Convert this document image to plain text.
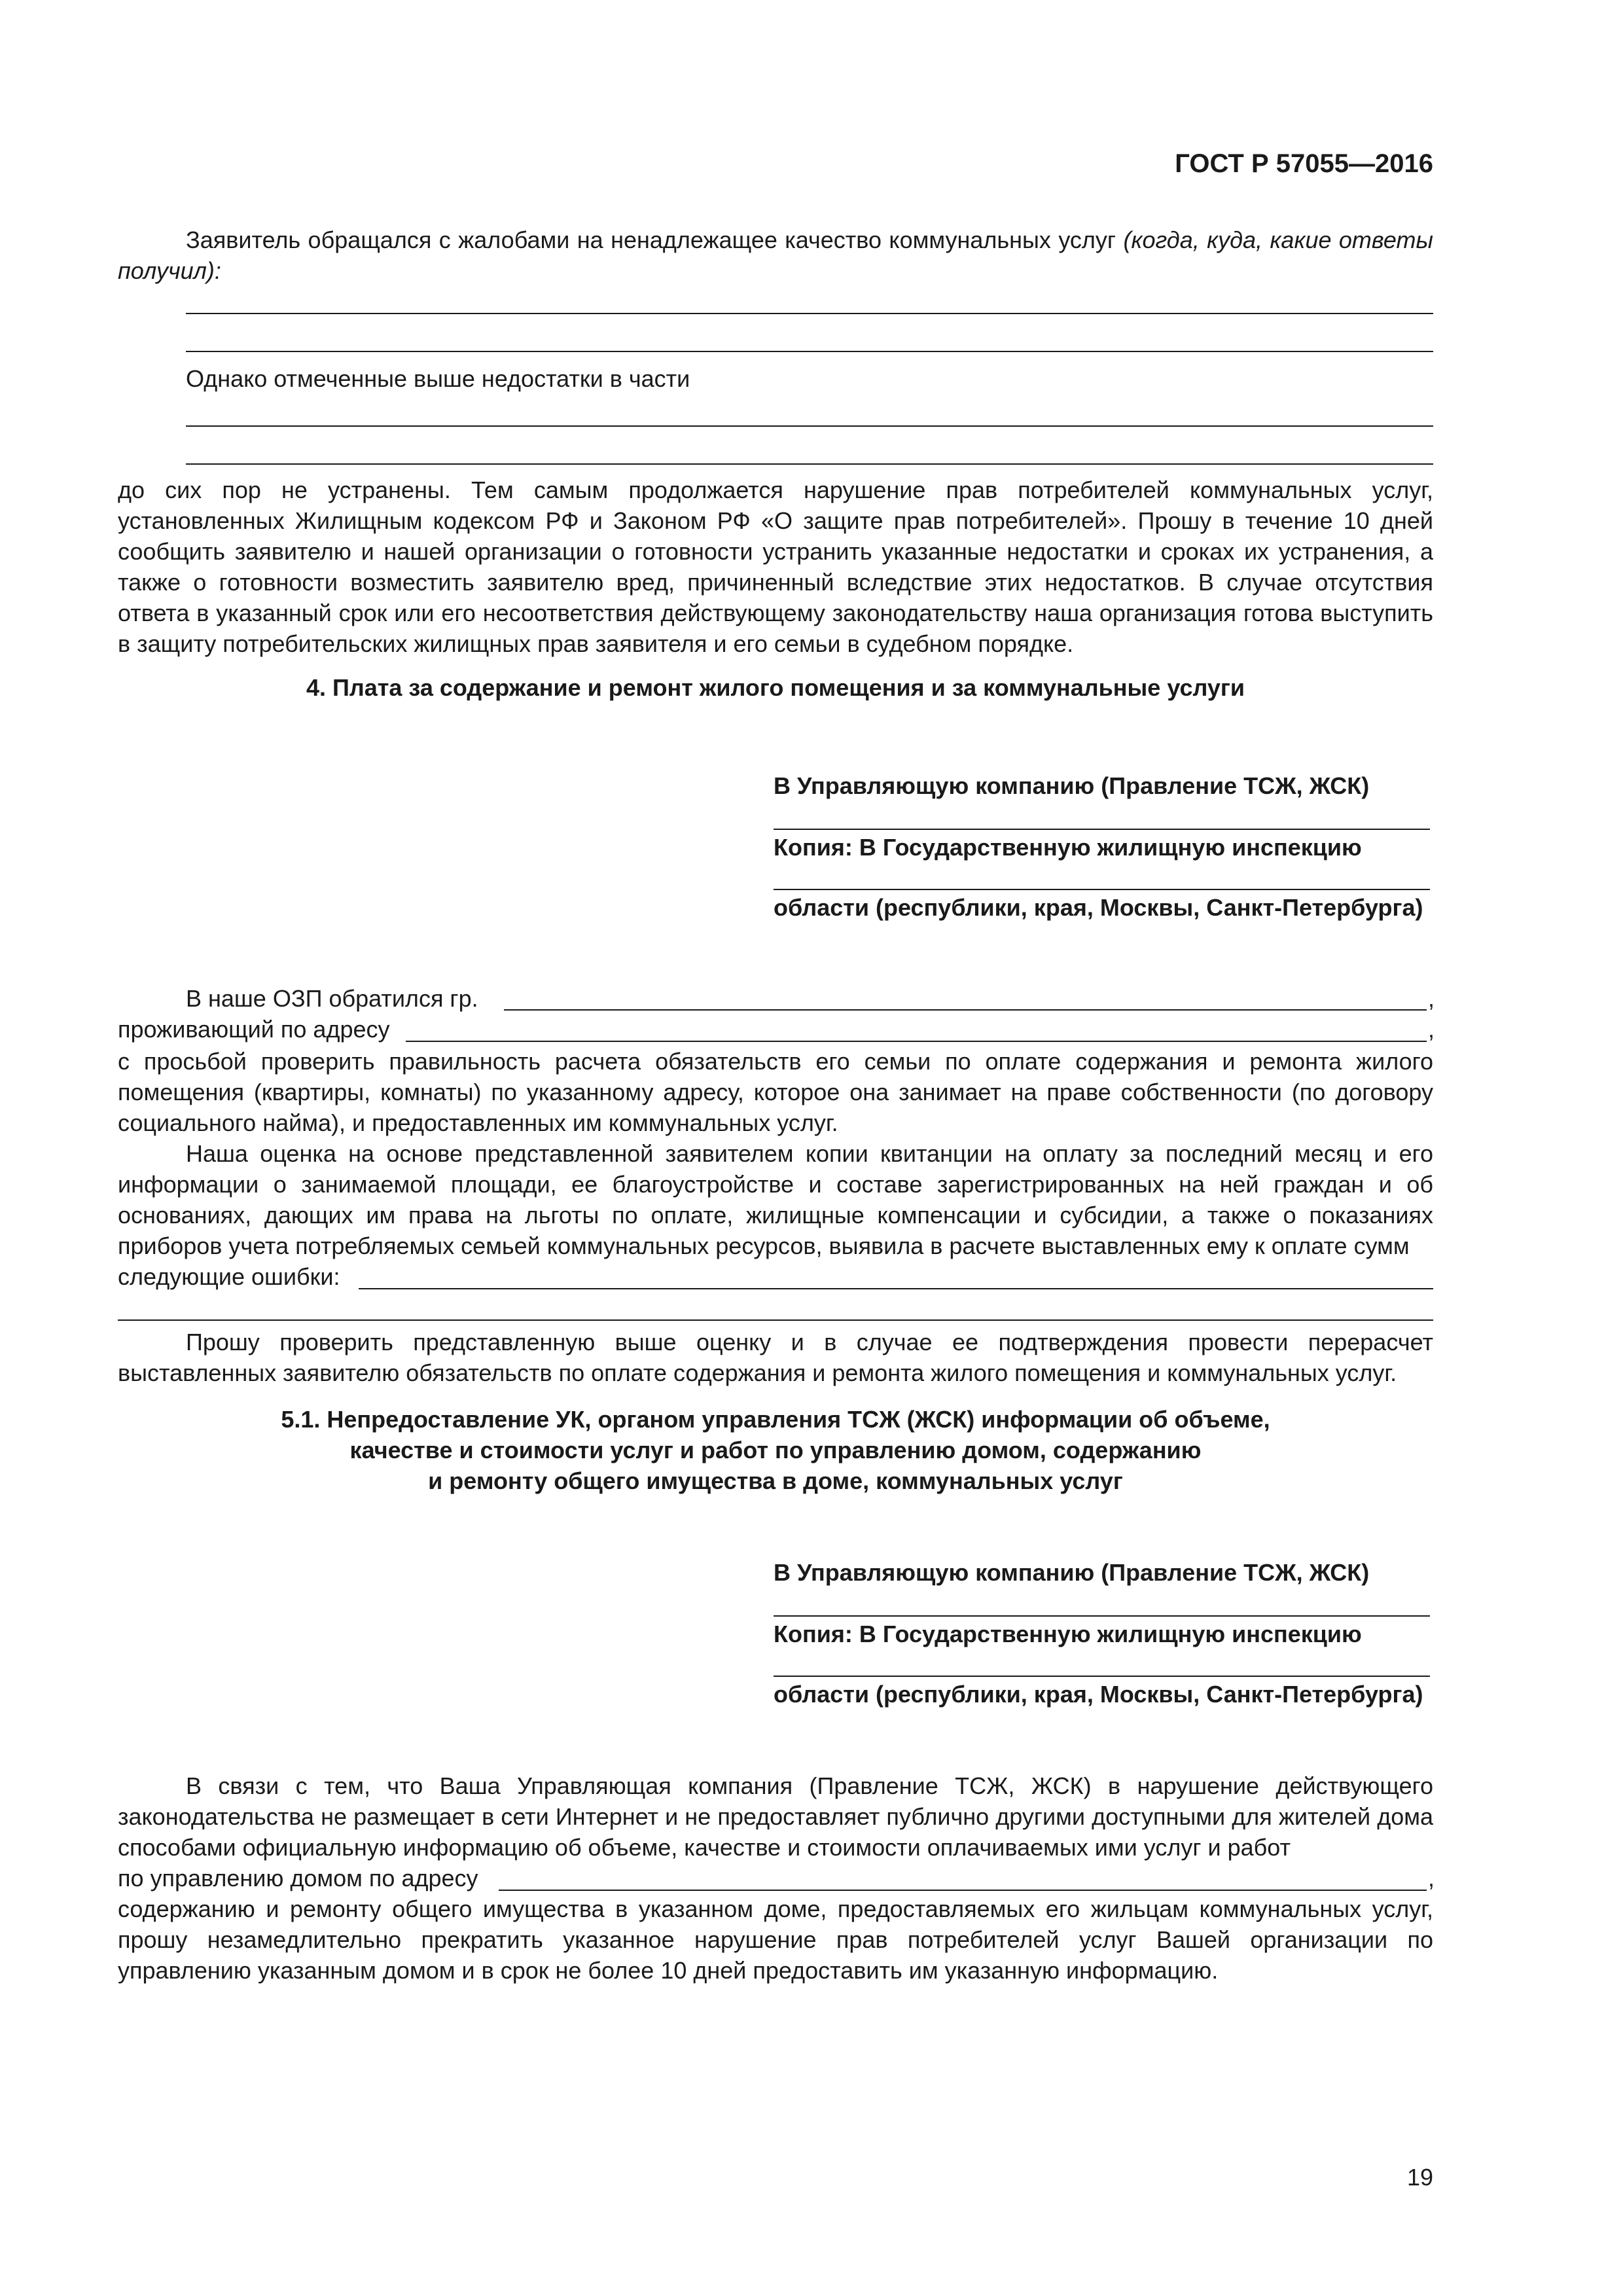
ГОСТ Р 57055—2016

Заявитель обращался с жалобами на ненадлежащее качество коммунальных услуг (когда, куда, какие ответы получил):

Однако отмеченные выше недостатки в части

до сих пор не устранены. Тем самым продолжается нарушение прав потребителей коммунальных услуг, установленных Жилищным кодексом РФ и Законом РФ «О защите прав потребителей». Прошу в течение 10 дней сообщить заявителю и нашей организации о готовности устранить указанные недостатки и сроках их устранения, а также о готовности возместить заявителю вред, причиненный вследствие этих недостатков. В случае отсутствия ответа в указанный срок или его несоответствия действующему законодательству наша организация готова выступить в защиту потребительских жилищных прав заявителя и его семьи в судебном порядке.

4. Плата за содержание и ремонт жилого помещения и за коммунальные услуги

В Управляющую компанию (Правление ТСЖ, ЖСК)
Копия: В Государственную жилищную инспекцию
области (республики, края, Москвы, Санкт-Петербурга)
В наше ОЗП обратился гр.	,
проживающий по адресу	,

с просьбой проверить правильность расчета обязательств его семьи по оплате содержания и ремонта жилого помещения (квартиры, комнаты) по указанному адресу, которое она занимает на праве собственности (по договору социального найма), и предоставленных им коммунальных услуг.

Наша оценка на основе представленной заявителем копии квитанции на оплату за последний месяц и его информации о занимаемой площади, ее благоустройстве и составе зарегистрированных на ней граждан и об основаниях, дающих им права на льготы по оплате, жилищные компенсации и субсидии, а также о показаниях приборов учета потребляемых семьей коммунальных ресурсов, выявила в расчете выставленных ему к оплате сумм

следующие ошибки:

Прошу проверить представленную выше оценку и в случае ее подтверждения провести перерасчет выставленных заявителю обязательств по оплате содержания и ремонта жилого помещения и коммунальных услуг.

5.1. Непредоставление УК, органом управления ТСЖ (ЖСК) информации об объеме,

качестве и стоимости услуг и работ по управлению домом, содержанию

и ремонту общего имущества в доме, коммунальных услуг

В Управляющую компанию (Правление ТСЖ, ЖСК)
Копия: В Государственную жилищную инспекцию
области (республики, края, Москвы, Санкт-Петербурга)

В связи с тем, что Ваша Управляющая компания (Правление ТСЖ, ЖСК) в нарушение действующего законодательства не размещает в сети Интернет и не предоставляет публично другими доступными для жителей дома способами официальную информацию об объеме, качестве и стоимости оплачиваемых ими услуг и работ

по управлению домом по адресу	,

содержанию и ремонту общего имущества в указанном доме, предоставляемых его жильцам коммунальных услуг, прошу незамедлительно прекратить указанное нарушение прав потребителей услуг Вашей организации по управлению указанным домом и в срок не более 10 дней предоставить им указанную информацию.

19
